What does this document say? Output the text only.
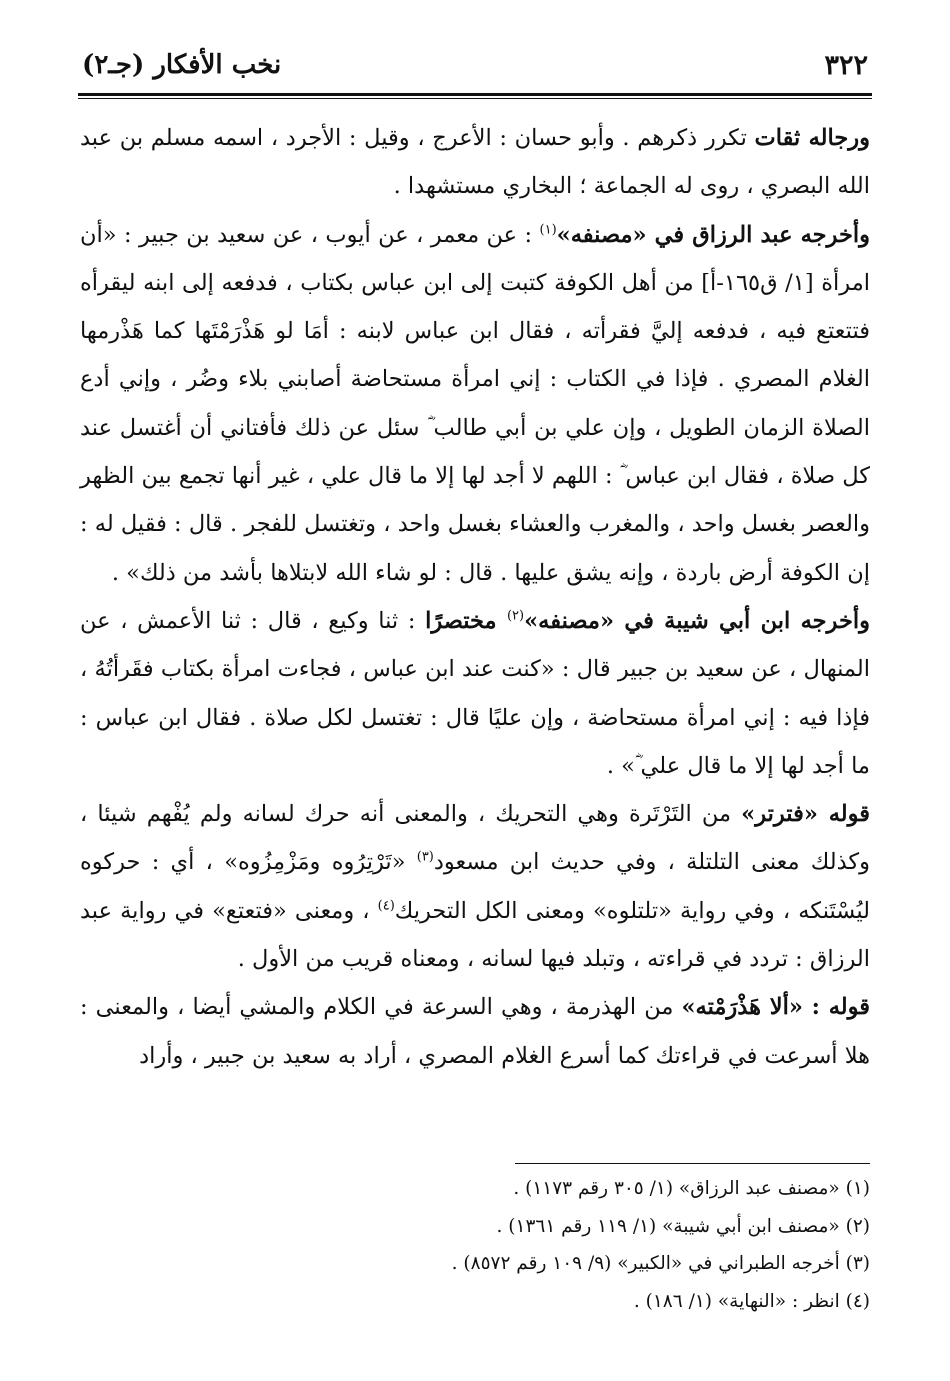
٣٢٢
نخب الأفكار (جـ٢)

ورجاله ثقات تكرر ذكرهم . وأبو حسان : الأعرج ، وقيل : الأجرد ، اسمه مسلم بن عبد الله البصري ، روى له الجماعة ؛ البخاري مستشهدا .

وأخرجه عبد الرزاق في «مصنفه»$^{(١)}$ : عن معمر ، عن أيوب ، عن سعيد بن جبير : «أن امرأة [١/ ق١٦٥-أ] من أهل الكوفة كتبت إلى ابن عباس بكتاب ، فدفعه إلى ابنه ليقرأه فتتعتع فيه ، فدفعه إليَّ فقرأته ، فقال ابن عباس لابنه : أمَا لو هَذْرَمْتَها كما هَذْرمها الغلام المصري . فإذا في الكتاب : إني امرأة مستحاضة أصابني بلاء وضُر ، وإني أدع الصلاة الزمان الطويل ، وإن علي بن أبي طالب ؓ سئل عن ذلك فأفتاني أن أغتسل عند كل صلاة ، فقال ابن عباس ؓ : اللهم لا أجد لها إلا ما قال علي ، غير أنها تجمع بين الظهر والعصر بغسل واحد ، والمغرب والعشاء بغسل واحد ، وتغتسل للفجر . قال : فقيل له : إن الكوفة أرض باردة ، وإنه يشق عليها . قال : لو شاء الله لابتلاها بأشد من ذلك» .

وأخرجه ابن أبي شيبة في «مصنفه»$^{(٢)}$ مختصرًا : ثنا وكيع ، قال : ثنا الأعمش ، عن المنهال ، عن سعيد بن جبير قال : «كنت عند ابن عباس ، فجاءت امرأة بكتاب فقَرأتُهُ ، فإذا فيه : إني امرأة مستحاضة ، وإن عليًا قال : تغتسل لكل صلاة . فقال ابن عباس : ما أجد لها إلا ما قال علي ؓ» .

قوله «فترتر» من التَرْتَرة وهي التحريك ، والمعنى أنه حرك لسانه ولم يُفْهم شيئا ، وكذلك معنى التلتلة ، وفي حديث ابن مسعود$^{(٣)}$ «تَرْتِرُوه ومَزْمِزُوه» ، أي : حركوه ليُسْتَنكه ، وفي رواية «تلتلوه» ومعنى الكل التحريك$^{(٤)}$ ، ومعنى «فتعتع» في رواية عبد الرزاق : تردد في قراءته ، وتبلد فيها لسانه ، ومعناه قريب من الأول .

قوله : «ألا هَذْرَمْته» من الهذرمة ، وهي السرعة في الكلام والمشي أيضا ، والمعنى : هلا أسرعت في قراءتك كما أسرع الغلام المصري ، أراد به سعيد بن جبير ، وأراد

(١) «مصنف عبد الرزاق» (١/ ٣٠٥ رقم ١١٧٣) .
(٢) «مصنف ابن أبي شيبة» (١/ ١١٩ رقم ١٣٦١) .
(٣) أخرجه الطبراني في «الكبير» (٩/ ١٠٩ رقم ٨٥٧٢) .
(٤) انظر : «النهاية» (١/ ١٨٦) .
